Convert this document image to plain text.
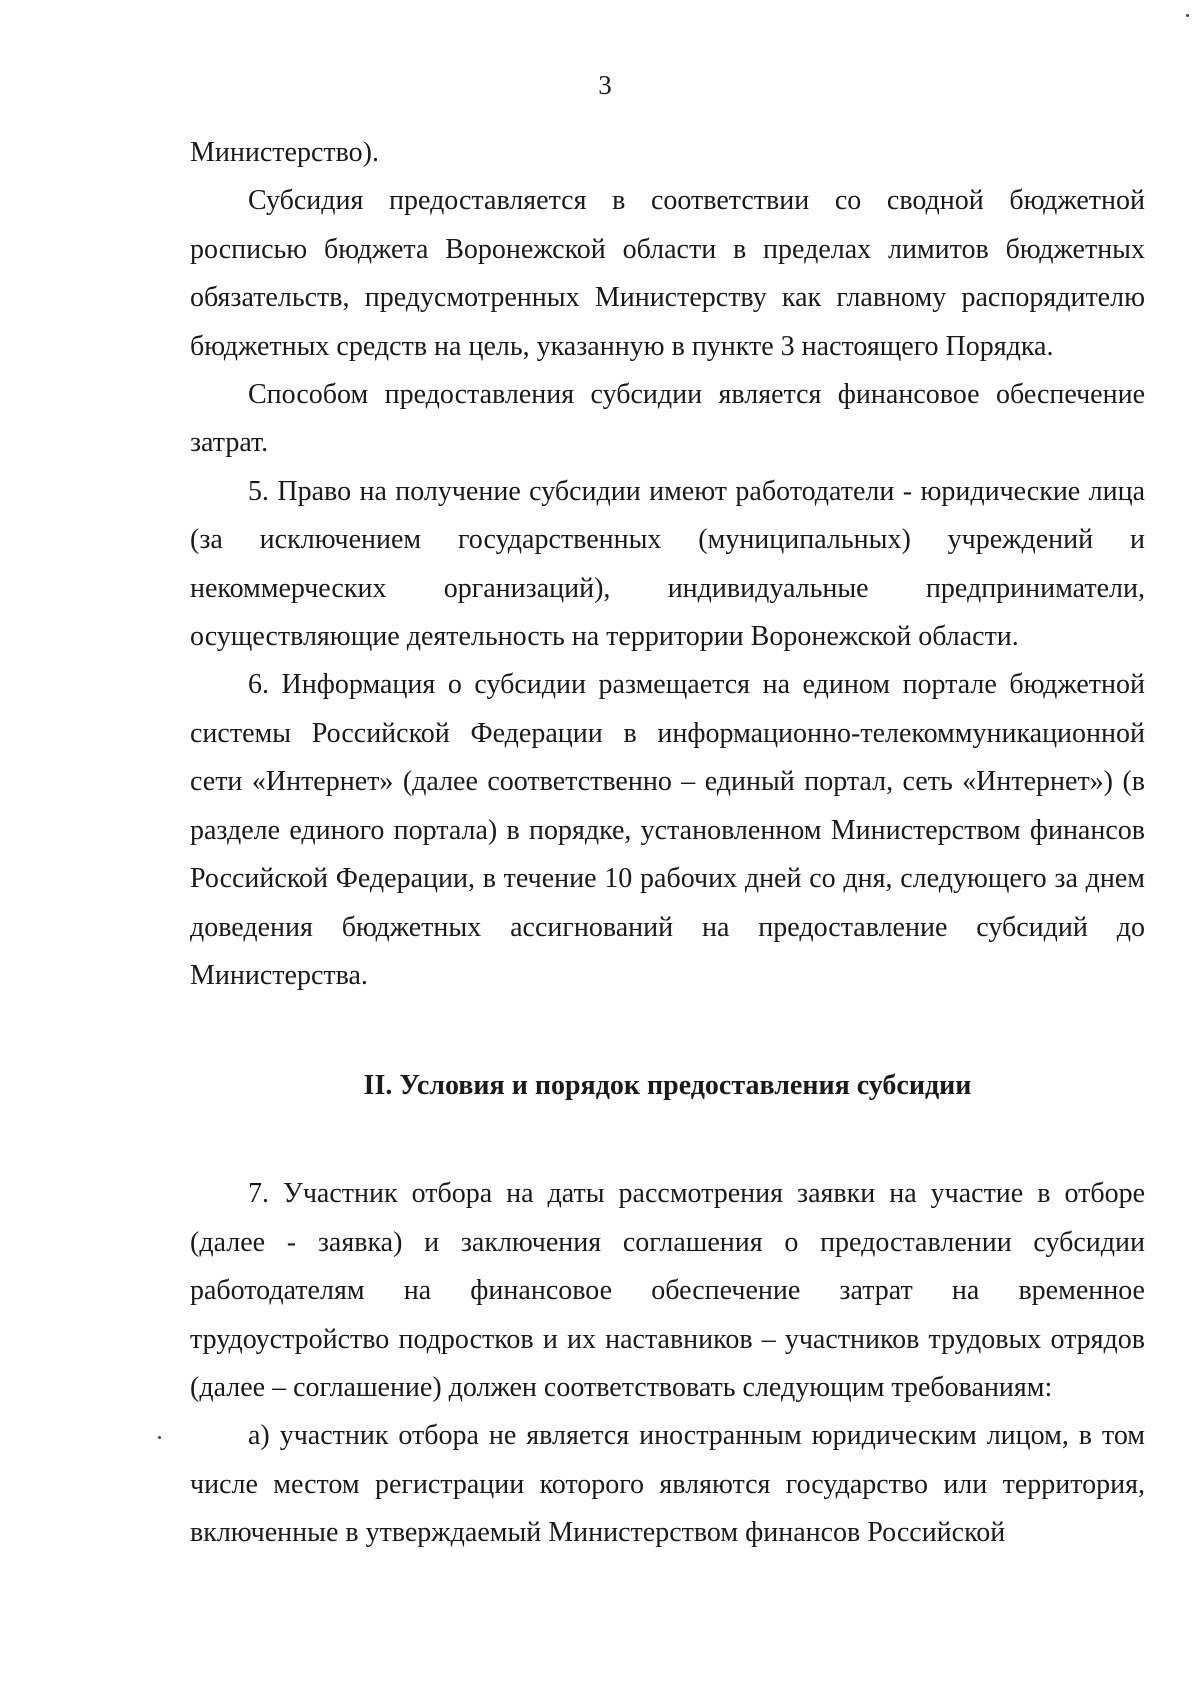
3

Министерство).

Субсидия предоставляется в соответствии со сводной бюджетной росписью бюджета Воронежской области в пределах лимитов бюджетных обязательств, предусмотренных Министерству как главному распорядителю бюджетных средств на цель, указанную в пункте 3 настоящего Порядка.

Способом предоставления субсидии является финансовое обеспечение затрат.

5. Право на получение субсидии имеют работодатели - юридические лица (за исключением государственных (муниципальных) учреждений и некоммерческих организаций), индивидуальные предприниматели, осуществляющие деятельность на территории Воронежской области.

6. Информация о субсидии размещается на едином портале бюджетной системы Российской Федерации в информационно-телекоммуникационной сети «Интернет» (далее соответственно – единый портал, сеть «Интернет») (в разделе единого портала) в порядке, установленном Министерством финансов Российской Федерации, в течение 10 рабочих дней со дня, следующего за днем доведения бюджетных ассигнований на предоставление субсидий до Министерства.

II. Условия и порядок предоставления субсидии

7. Участник отбора на даты рассмотрения заявки на участие в отборе (далее - заявка) и заключения соглашения о предоставлении субсидии работодателям на финансовое обеспечение затрат на временное трудоустройство подростков и их наставников – участников трудовых отрядов (далее – соглашение) должен соответствовать следующим требованиям:

а) участник отбора не является иностранным юридическим лицом, в том числе местом регистрации которого являются государство или территория, включенные в утверждаемый Министерством финансов Российской
